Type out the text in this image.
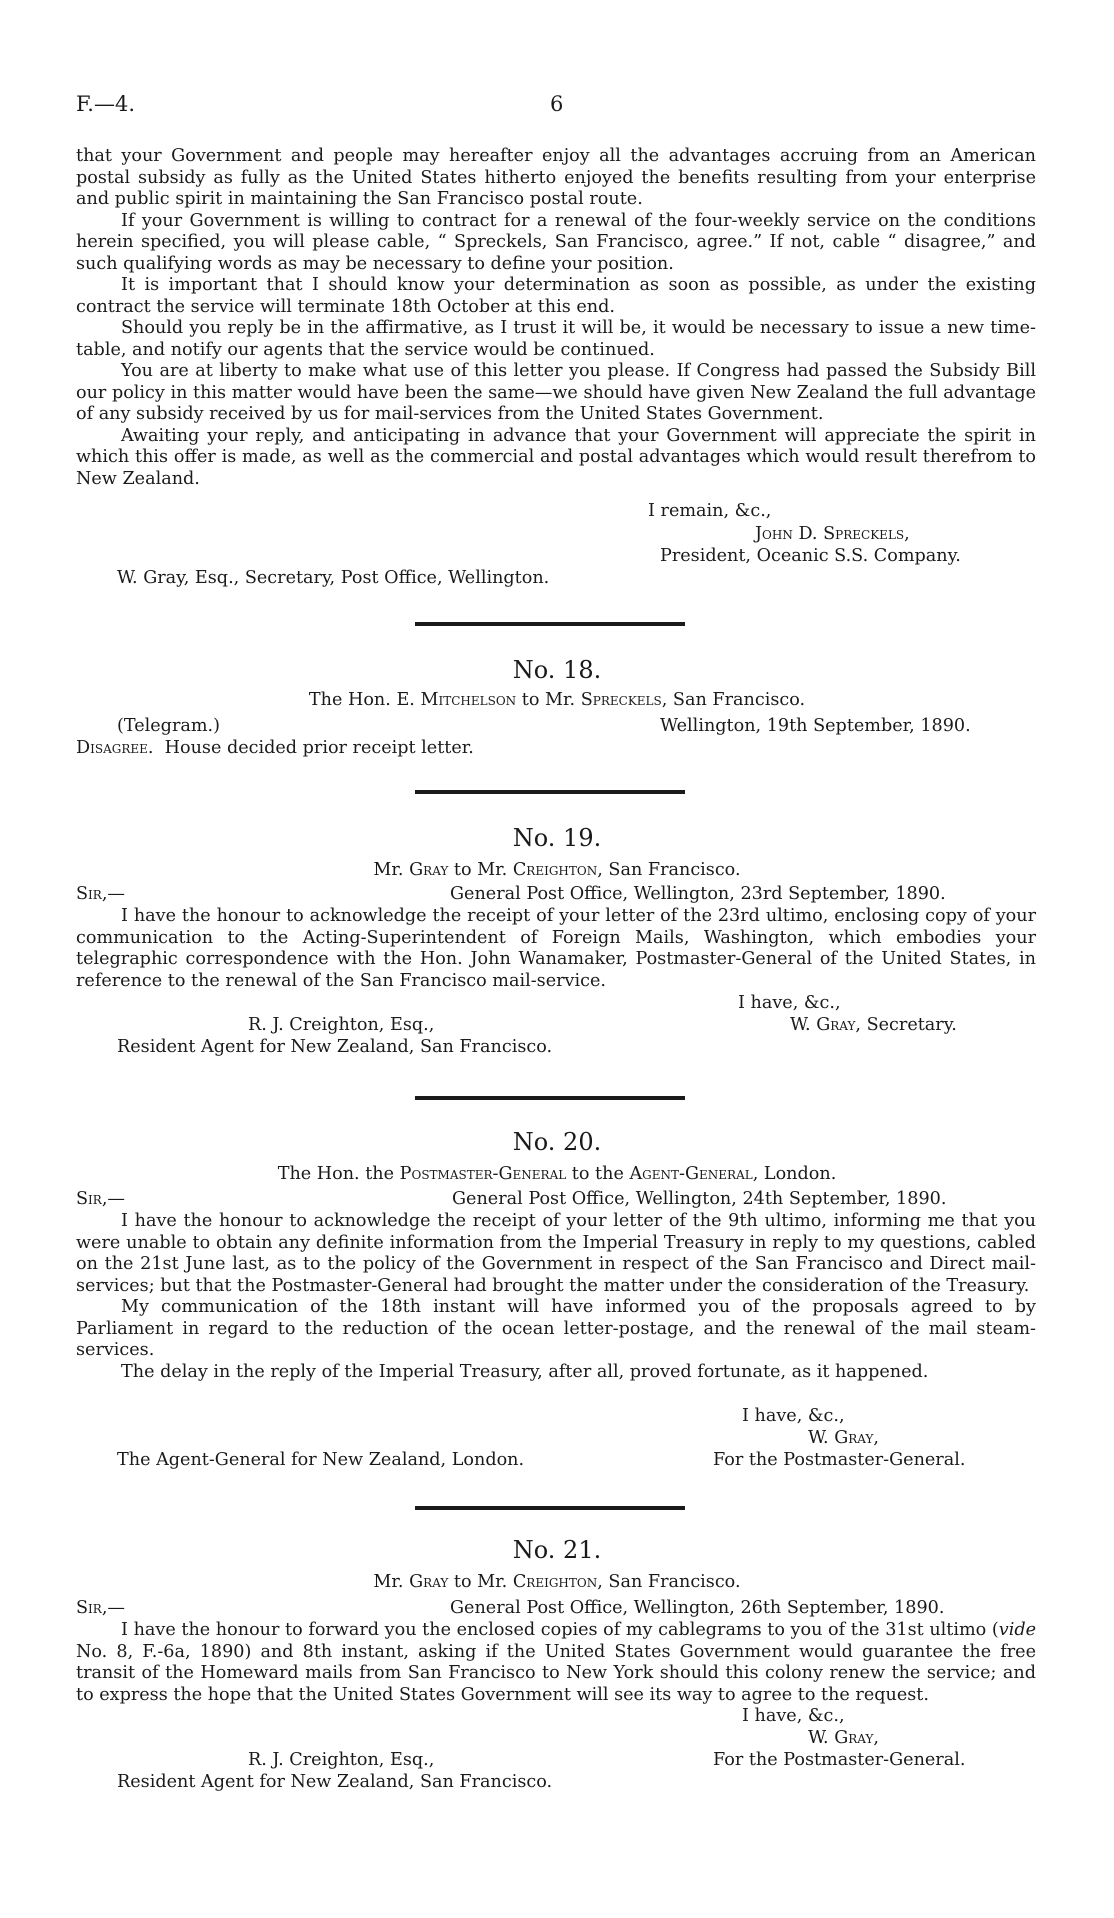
F.—4.	6

that your Government and people may hereafter enjoy all the advantages accruing from an American postal subsidy as fully as the United States hitherto enjoyed the benefits resulting from your enterprise and public spirit in maintaining the San Francisco postal route.

If your Government is willing to contract for a renewal of the four-weekly service on the conditions herein specified, you will please cable, “ Spreckels, San Francisco, agree.” If not, cable “ disagree,” and such qualifying words as may be necessary to define your position.

It is important that I should know your determination as soon as possible, as under the existing contract the service will terminate 18th October at this end.

Should you reply be in the affirmative, as I trust it will be, it would be necessary to issue a new time-table, and notify our agents that the service would be continued.

You are at liberty to make what use of this letter you please. If Congress had passed the Subsidy Bill our policy in this matter would have been the same—we should have given New Zealand the full advantage of any subsidy received by us for mail-services from the United States Government.

Awaiting your reply, and anticipating in advance that your Government will appreciate the spirit in which this offer is made, as well as the commercial and postal advantages which would result therefrom to New Zealand.

I remain, &c.,
John D. Spreckels,
President, Oceanic S.S. Company.
W. Gray, Esq., Secretary, Post Office, Wellington.
No. 18.
The Hon. E. Mitchelson to Mr. Spreckels, San Francisco.
(Telegram.)	Wellington, 19th September, 1890.
Disagree. House decided prior receipt letter.
No. 19.
Mr. Gray to Mr. Creighton, San Francisco.
Sir,—	General Post Office, Wellington, 23rd September, 1890.

I have the honour to acknowledge the receipt of your letter of the 23rd ultimo, enclosing copy of your communication to the Acting-Superintendent of Foreign Mails, Washington, which embodies your telegraphic correspondence with the Hon. John Wanamaker, Postmaster-General of the United States, in reference to the renewal of the San Francisco mail-service.

I have, &c.,
R. J. Creighton, Esq.,	W. Gray, Secretary.
Resident Agent for New Zealand, San Francisco.
No. 20.
The Hon. the Postmaster-General to the Agent-General, London.
Sir,—	General Post Office, Wellington, 24th September, 1890.

I have the honour to acknowledge the receipt of your letter of the 9th ultimo, informing me that you were unable to obtain any definite information from the Imperial Treasury in reply to my questions, cabled on the 21st June last, as to the policy of the Government in respect of the San Francisco and Direct mail-services; but that the Postmaster-General had brought the matter under the consideration of the Treasury.

My communication of the 18th instant will have informed you of the proposals agreed to by Parliament in regard to the reduction of the ocean letter-postage, and the renewal of the mail steam-services.

The delay in the reply of the Imperial Treasury, after all, proved fortunate, as it happened.

I have, &c.,
W. Gray,
The Agent-General for New Zealand, London.	For the Postmaster-General.
No. 21.
Mr. Gray to Mr. Creighton, San Francisco.
Sir,—	General Post Office, Wellington, 26th September, 1890.

I have the honour to forward you the enclosed copies of my cablegrams to you of the 31st ultimo (vide No. 8, F.-6a, 1890) and 8th instant, asking if the United States Government would guarantee the free transit of the Homeward mails from San Francisco to New York should this colony renew the service; and to express the hope that the United States Government will see its way to agree to the request.

I have, &c.,
W. Gray,
R. J. Creighton, Esq.,	For the Postmaster-General.
Resident Agent for New Zealand, San Francisco.
